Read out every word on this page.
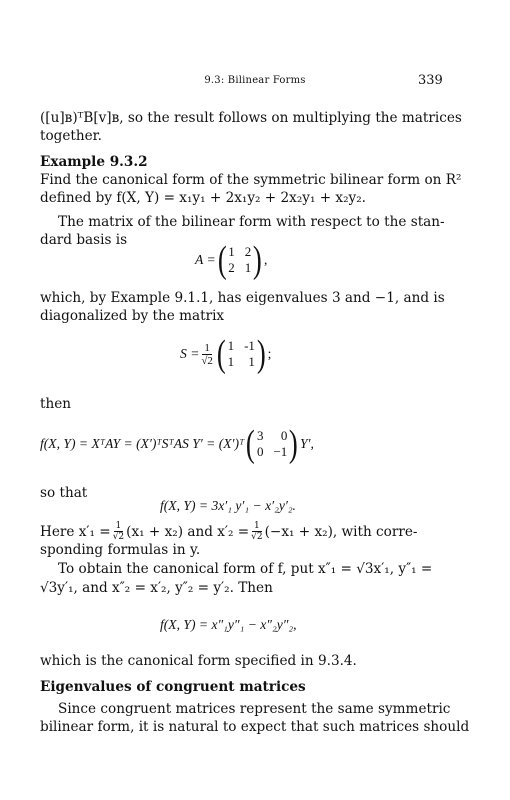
9.3: Bilinear Forms	339
([u]ʙ)ᵀB[v]ʙ, so the result follows on multiplying the matrices
together.
Example 9.3.2
Find the canonical form of the symmetric bilinear form on R²
defined by f(X, Y) = x₁y₁ + 2x₁y₂ + 2x₂y₁ + x₂y₂.
The matrix of the bilinear form with respect to the stan-
dard basis is
A = ( 1 2
2 1 ) ,
which, by Example 9.1.1, has eigenvalues 3 and −1, and is
diagonalized by the matrix
$S = \frac{1}{√2}$ ( 1 -1
1	1 ) ;
then
f(X, Y) = XᵀAY = (X′)ᵀSᵀAS Y′ = (X′)ᵀ ( 3	0
0 −1 ) Y′,
so that
f(X, Y) = 3x′₁ y′₁ − x′₂y′₂.
Here $x'_1 = \frac{1}{√2} (x_1 + x_2)$ and $x'_2 = \frac{1}{√2} (-x_1 + x_2)$, with corre-
sponding formulas in y.
To obtain the canonical form of f, put x″₁ = √3x′₁, y″₁ =
√3y′₁, and x″₂ = x′₂, y″₂ = y′₂. Then
f(X, Y) = x″₁y″₁ − x″₂y″₂,
which is the canonical form specified in 9.3.4.
Eigenvalues of congruent matrices
Since congruent matrices represent the same symmetric
bilinear form, it is natural to expect that such matrices should
